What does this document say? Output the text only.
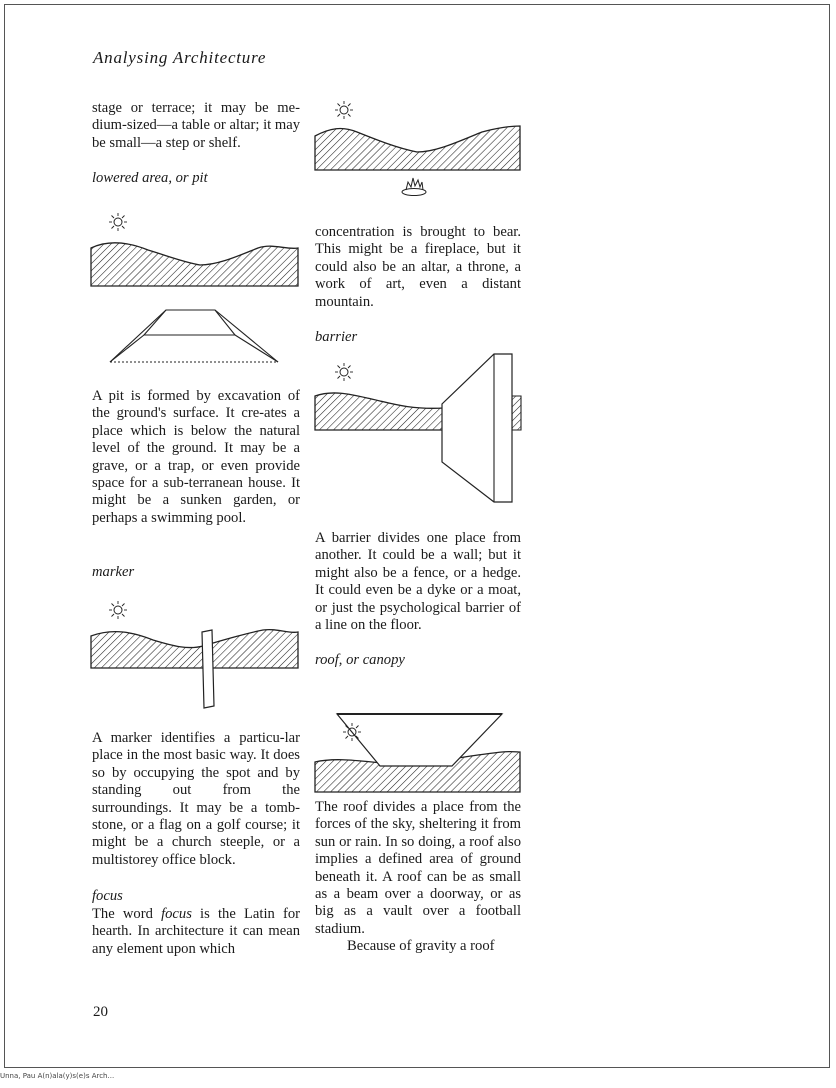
Analysing Architecture

stage or terrace; it may be me-dium-sized—a table or altar; it may be small—a step or shelf.

lowered area, or pit

A pit is formed by excavation of the ground's surface. It cre-ates a place which is below the natural level of the ground. It may be a grave, or a trap, or even provide space for a sub-terranean house. It might be a sunken garden, or perhaps a swimming pool.

marker

A marker identifies a particu-lar place in the most basic way. It does so by occupying the spot and by standing out from the surroundings. It may be a tomb-stone, or a flag on a golf course; it might be a church steeple, or a multistorey office block.

focus

The word focus is the Latin for hearth. In architecture it can mean any element upon which

20

concentration is brought to bear. This might be a fireplace, but it could also be an altar, a throne, a work of art, even a distant mountain.

barrier

A barrier divides one place from another. It could be a wall; but it might also be a fence, or a hedge. It could even be a dyke or a moat, or just the psychological barrier of a line on the floor.

roof, or canopy

The roof divides a place from the forces of the sky, sheltering it from sun or rain. In so doing, a roof also implies a defined area of ground beneath it. A roof can be as small as a beam over a doorway, or as big as a vault over a football stadium.

Because of gravity a roof

Unna, Pau A(n)ala(y)s(e)s Arch...
